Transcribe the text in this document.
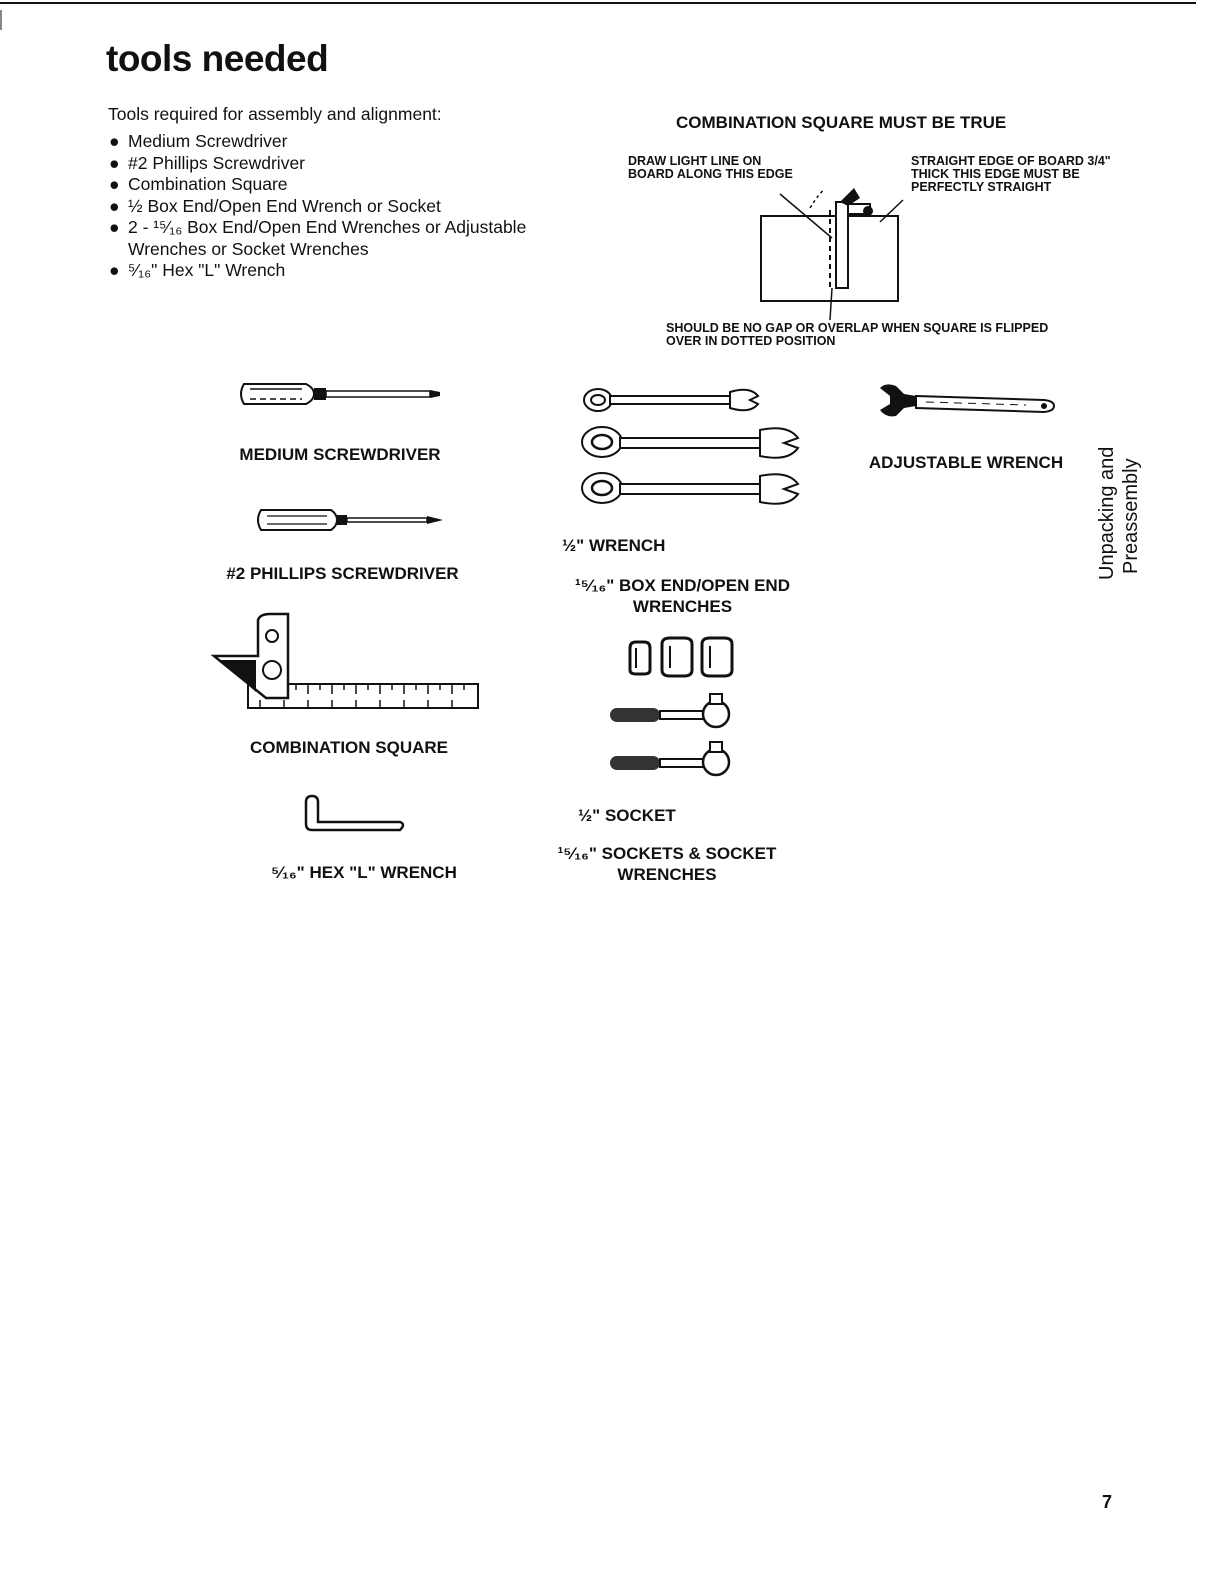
tools needed
Tools required for assembly and alignment:
● Medium Screwdriver
● #2 Phillips Screwdriver
● Combination Square
● ½ Box End/Open End Wrench or Socket
● 2 - ¹⁵⁄₁₆ Box End/Open End Wrenches or Adjustable Wrenches or Socket Wrenches
● ⁵⁄₁₆" Hex "L" Wrench
COMBINATION SQUARE MUST BE TRUE
DRAW LIGHT LINE ON BOARD ALONG THIS EDGE
STRAIGHT EDGE OF BOARD 3/4" THICK THIS EDGE MUST BE PERFECTLY STRAIGHT
SHOULD BE NO GAP OR OVERLAP WHEN SQUARE IS FLIPPED OVER IN DOTTED POSITION
MEDIUM SCREWDRIVER
#2 PHILLIPS SCREWDRIVER
COMBINATION SQUARE
⁵⁄₁₆" HEX "L" WRENCH
½" WRENCH
¹⁵⁄₁₆" BOX END/OPEN END WRENCHES
½" SOCKET
¹⁵⁄₁₆" SOCKETS & SOCKET WRENCHES
ADJUSTABLE WRENCH	Unpacking and Preassembly
7
